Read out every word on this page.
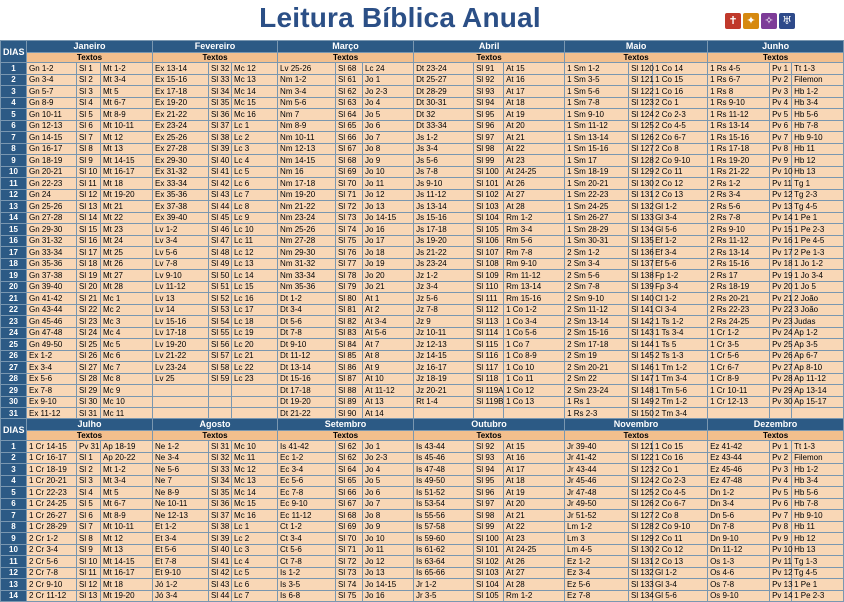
Leitura Bíblica Anual	✝ ✦ ✧ ♅
DIAS	Janeiro			Fevereiro			Março			Abril			Maio			Junho		
	Textos			Textos			Textos			Textos			Textos			Textos		
1	Gn 1-2	Sl 1	Mt 1-2	Ex 13-14	Sl 32	Mc 12	Lv 25-26	Sl 68	Lc 24	Dt 23-24	Sl 91	At 15	1 Sm 1-2	Sl 120	1 Co 14	1 Rs 4-5	Pv 1	Tt 1-3
2	Gn 3-4	Sl 2	Mt 3-4	Ex 15-16	Sl 33	Mc 13	Nm 1-2	Sl 61	Jo 1	Dt 25-27	Sl 92	At 16	1 Sm 3-5	Sl 121	1 Co 15	1 Rs 6-7	Pv 2	Filemon
3	Gn 5-7	Sl 3	Mt 5	Ex 17-18	Sl 34	Mc 14	Nm 3-4	Sl 62	Jo 2-3	Dt 28-29	Sl 93	At 17	1 Sm 5-6	Sl 122	1 Co 16	1 Rs 8	Pv 3	Hb 1-2
4	Gn 8-9	Sl 4	Mt 6-7	Ex 19-20	Sl 35	Mc 15	Nm 5-6	Sl 63	Jo 4	Dt 30-31	Sl 94	At 18	1 Sm 7-8	Sl 123	2 Co 1	1 Rs 9-10	Pv 4	Hb 3-4
5	Gn 10-11	Sl 5	Mt 8-9	Ex 21-22	Sl 36	Mc 16	Nm 7	Sl 64	Jo 5	Dt 32	Sl 95	At 19	1 Sm 9-10	Sl 124	2 Co 2-3	1 Rs 11-12	Pv 5	Hb 5-6
6	Gn 12-13	Sl 6	Mt 10-11	Ex 23-24	Sl 37	Lc 1	Nm 8-9	Sl 65	Jo 6	Dt 33-34	Sl 96	At 20	1 Sm 11-12	Sl 125	2 Co 4-5	1 Rs 13-14	Pv 6	Hb 7-8
7	Gn 14-15	Sl 7	Mt 12	Ex 25-26	Sl 38	Lc 2	Nm 10-11	Sl 66	Jo 7	Js 1-2	Sl 97	At 21	1 Sm 13-14	Sl 126	2 Co 6-7	1 Rs 15-16	Pv 7	Hb 9-10
8	Gn 16-17	Sl 8	Mt 13	Ex 27-28	Sl 39	Lc 3	Nm 12-13	Sl 67	Jo 8	Js 3-4	Sl 98	At 22	1 Sm 15-16	Sl 127	2 Co 8	1 Rs 17-18	Pv 8	Hb 11
9	Gn 18-19	Sl 9	Mt 14-15	Ex 29-30	Sl 40	Lc 4	Nm 14-15	Sl 68	Jo 9	Js 5-6	Sl 99	At 23	1 Sm 17	Sl 128	2 Co 9-10	1 Rs 19-20	Pv 9	Hb 12
10	Gn 20-21	Sl 10	Mt 16-17	Ex 31-32	Sl 41	Lc 5	Nm 16	Sl 69	Jo 10	Js 7-8	Sl 100	At 24-25	1 Sm 18-19	Sl 129	2 Co 11	1 Rs 21-22	Pv 10	Hb 13
11	Gn 22-23	Sl 11	Mt 18	Ex 33-34	Sl 42	Lc 6	Nm 17-18	Sl 70	Jo 11	Js 9-10	Sl 101	At 26	1 Sm 20-21	Sl 130	2 Co 12	2 Rs 1-2	Pv 11	Tg 1
12	Gn 24	Sl 12	Mt 19-20	Ex 35-36	Sl 43	Lc 7	Nm 19-20	Sl 71	Jo 12	Js 11-12	Sl 102	At 27	1 Sm 22-23	Sl 131	2 Co 13	2 Rs 3-4	Pv 12	Tg 2-3
13	Gn 25-26	Sl 13	Mt 21	Ex 37-38	Sl 44	Lc 8	Nm 21-22	Sl 72	Jo 13	Js 13-14	Sl 103	At 28	1 Sm 24-25	Sl 132	Gl 1-2	2 Rs 5-6	Pv 13	Tg 4-5
14	Gn 27-28	Sl 14	Mt 22	Ex 39-40	Sl 45	Lc 9	Nm 23-24	Sl 73	Jo 14-15	Js 15-16	Sl 104	Rm 1-2	1 Sm 26-27	Sl 133	Gl 3-4	2 Rs 7-8	Pv 14	1 Pe 1
15	Gn 29-30	Sl 15	Mt 23	Lv 1-2	Sl 46	Lc 10	Nm 25-26	Sl 74	Jo 16	Js 17-18	Sl 105	Rm 3-4	1 Sm 28-29	Sl 134	Gl 5-6	2 Rs 9-10	Pv 15	1 Pe 2-3
16	Gn 31-32	Sl 16	Mt 24	Lv 3-4	Sl 47	Lc 11	Nm 27-28	Sl 75	Jo 17	Js 19-20	Sl 106	Rm 5-6	1 Sm 30-31	Sl 135	Ef 1-2	2 Rs 11-12	Pv 16	1 Pe 4-5
17	Gn 33-34	Sl 17	Mt 25	Lv 5-6	Sl 48	Lc 12	Nm 29-30	Sl 76	Jo 18	Js 21-22	Sl 107	Rm 7-8	2 Sm 1-2	Sl 136	Ef 3-4	2 Rs 13-14	Pv 17	2 Pe 1-3
18	Gn 35-36	Sl 18	Mt 26	Lv 7-8	Sl 49	Lc 13	Nm 31-32	Sl 77	Jo 19	Js 23-24	Sl 108	Rm 9-10	2 Sm 3-4	Sl 137	Ef 5-6	2 Rs 15-16	Pv 18	1 Jo 1-2
19	Gn 37-38	Sl 19	Mt 27	Lv 9-10	Sl 50	Lc 14	Nm 33-34	Sl 78	Jo 20	Jz 1-2	Sl 109	Rm 11-12	2 Sm 5-6	Sl 138	Fp 1-2	2 Rs 17	Pv 19	1 Jo 3-4
20	Gn 39-40	Sl 20	Mt 28	Lv 11-12	Sl 51	Lc 15	Nm 35-36	Sl 79	Jo 21	Jz 3-4	Sl 110	Rm 13-14	2 Sm 7-8	Sl 139	Fp 3-4	2 Rs 18-19	Pv 20	1 Jo 5
21	Gn 41-42	Sl 21	Mc 1	Lv 13	Sl 52	Lc 16	Dt 1-2	Sl 80	At 1	Jz 5-6	Sl 111	Rm 15-16	2 Sm 9-10	Sl 140	Cl 1-2	2 Rs 20-21	Pv 21	2 João
22	Gn 43-44	Sl 22	Mc 2	Lv 14	Sl 53	Lc 17	Dt 3-4	Sl 81	At 2	Jz 7-8	Sl 112	1 Co 1-2	2 Sm 11-12	Sl 141	Cl 3-4	2 Rs 22-23	Pv 22	3 João
23	Gn 45-46	Sl 23	Mc 3	Lv 15-16	Sl 54	Lc 18	Dt 5-6	Sl 82	At 3-4	Jz 9	Sl 113	1 Co 3-4	2 Sm 13-14	Sl 142	1 Ts 1-2	2 Rs 24-25	Pv 23	Judas
24	Gn 47-48	Sl 24	Mc 4	Lv 17-18	Sl 55	Lc 19	Dt 7-8	Sl 83	At 5-6	Jz 10-11	Sl 114	1 Co 5-6	2 Sm 15-16	Sl 143	1 Ts 3-4	1 Cr 1-2	Pv 24	Ap 1-2
25	Gn 49-50	Sl 25	Mc 5	Lv 19-20	Sl 56	Lc 20	Dt 9-10	Sl 84	At 7	Jz 12-13	Sl 115	1 Co 7	2 Sm 17-18	Sl 144	1 Ts 5	1 Cr 3-5	Pv 25	Ap 3-5
26	Ex 1-2	Sl 26	Mc 6	Lv 21-22	Sl 57	Lc 21	Dt 11-12	Sl 85	At 8	Jz 14-15	Sl 116	1 Co 8-9	2 Sm 19	Sl 145	2 Ts 1-3	1 Cr 5-6	Pv 26	Ap 6-7
27	Ex 3-4	Sl 27	Mc 7	Lv 23-24	Sl 58	Lc 22	Dt 13-14	Sl 86	At 9	Jz 16-17	Sl 117	1 Co 10	2 Sm 20-21	Sl 146	1 Tm 1-2	1 Cr 6-7	Pv 27	Ap 8-10
28	Ex 5-6	Sl 28	Mc 8	Lv 25	Sl 59	Lc 23	Dt 15-16	Sl 87	At 10	Jz 18-19	Sl 118	1 Co 11	2 Sm 22	Sl 147	1 Tm 3-4	1 Cr 8-9	Pv 28	Ap 11-12
29	Ex 7-8	Sl 29	Mc 9				Dt 17-18	Sl 88	At 11-12	Jz 20-21	Sl 119A	1 Co 12	2 Sm 23-24	Sl 148	1 Tm 5-6	1 Cr 10-11	Pv 29	Ap 13-14
30	Ex 9-10	Sl 30	Mc 10				Dt 19-20	Sl 89	At 13	Rt 1-4	Sl 119B	1 Co 13	1 Rs 1	Sl 149	2 Tm 1-2	1 Cr 12-13	Pv 30	Ap 15-17
31	Ex 11-12	Sl 31	Mc 11				Dt 21-22	Sl 90	At 14				1 Rs 2-3	Sl 150	2 Tm 3-4			
DIAS	Julho			Agosto			Setembro			Outubro			Novembro			Dezembro		
	Textos			Textos			Textos			Textos			Textos			Textos		
1	1 Cr 14-15	Pv 31	Ap 18-19	Ne 1-2	Sl 31	Mc 10	Is 41-42	Sl 62	Jo 1	Is 43-44	Sl 92	At 15	Jr 39-40	Sl 121	1 Co 15	Ez 41-42	Pv 1	Tt 1-3
2	1 Cr 16-17	Sl 1	Ap 20-22	Ne 3-4	Sl 32	Mc 11	Ec 1-2	Sl 62	Jo 2-3	Is 45-46	Sl 93	At 16	Jr 41-42	Sl 122	1 Co 16	Ez 43-44	Pv 2	Filemon
3	1 Cr 18-19	Sl 2	Mt 1-2	Ne 5-6	Sl 33	Mc 12	Ec 3-4	Sl 64	Jo 4	Is 47-48	Sl 94	At 17	Jr 43-44	Sl 123	2 Co 1	Ez 45-46	Pv 3	Hb 1-2
4	1 Cr 20-21	Sl 3	Mt 3-4	Ne 7	Sl 34	Mc 13	Ec 5-6	Sl 65	Jo 5	Is 49-50	Sl 95	At 18	Jr 45-46	Sl 124	2 Co 2-3	Ez 47-48	Pv 4	Hb 3-4
5	1 Cr 22-23	Sl 4	Mt 5	Ne 8-9	Sl 35	Mc 14	Ec 7-8	Sl 66	Jo 6	Is 51-52	Sl 96	At 19	Jr 47-48	Sl 125	2 Co 4-5	Dn 1-2	Pv 5	Hb 5-6
6	1 Cr 24-25	Sl 5	Mt 6-7	Ne 10-11	Sl 36	Mc 15	Ec 9-10	Sl 67	Jo 7	Is 53-54	Sl 97	At 20	Jr 49-50	Sl 126	2 Co 6-7	Dn 3-4	Pv 6	Hb 7-8
7	1 Cr 26-27	Sl 6	Mt 8-9	Ne 12-13	Sl 37	Mc 16	Ec 11-12	Sl 68	Jo 8	Is 55-56	Sl 98	At 21	Jr 51-52	Sl 127	2 Co 8	Dn 5-6	Pv 7	Hb 9-10
8	1 Cr 28-29	Sl 7	Mt 10-11	Et 1-2	Sl 38	Lc 1	Ct 1-2	Sl 69	Jo 9	Is 57-58	Sl 99	At 22	Lm 1-2	Sl 128	2 Co 9-10	Dn 7-8	Pv 8	Hb 11
9	2 Cr 1-2	Sl 8	Mt 12	Et 3-4	Sl 39	Lc 2	Ct 3-4	Sl 70	Jo 10	Is 59-60	Sl 100	At 23	Lm 3	Sl 129	2 Co 11	Dn 9-10	Pv 9	Hb 12
10	2 Cr 3-4	Sl 9	Mt 13	Et 5-6	Sl 40	Lc 3	Ct 5-6	Sl 71	Jo 11	Is 61-62	Sl 101	At 24-25	Lm 4-5	Sl 130	2 Co 12	Dn 11-12	Pv 10	Hb 13
11	2 Cr 5-6	Sl 10	Mt 14-15	Et 7-8	Sl 41	Lc 4	Ct 7-8	Sl 72	Jo 12	Is 63-64	Sl 102	At 26	Ez 1-2	Sl 131	2 Co 13	Os 1-3	Pv 11	Tg 1-3
12	2 Cr 7-8	Sl 11	Mt 16-17	Et 9-10	Sl 42	Lc 5	Is 1-2	Sl 73	Jo 13	Is 65-66	Sl 103	At 27	Ez 3-4	Sl 132	Gl 1-2	Os 4-6	Pv 12	Tg 4-5
13	2 Cr 9-10	Sl 12	Mt 18	Jó 1-2	Sl 43	Lc 6	Is 3-5	Sl 74	Jo 14-15	Jr 1-2	Sl 104	At 28	Ez 5-6	Sl 133	Gl 3-4	Os 7-8	Pv 13	1 Pe 1
14	2 Cr 11-12	Sl 13	Mt 19-20	Jó 3-4	Sl 44	Lc 7	Is 6-8	Sl 75	Jo 16	Jr 3-5	Sl 105	Rm 1-2	Ez 7-8	Sl 134	Gl 5-6	Os 9-10	Pv 14	1 Pe 2-3
